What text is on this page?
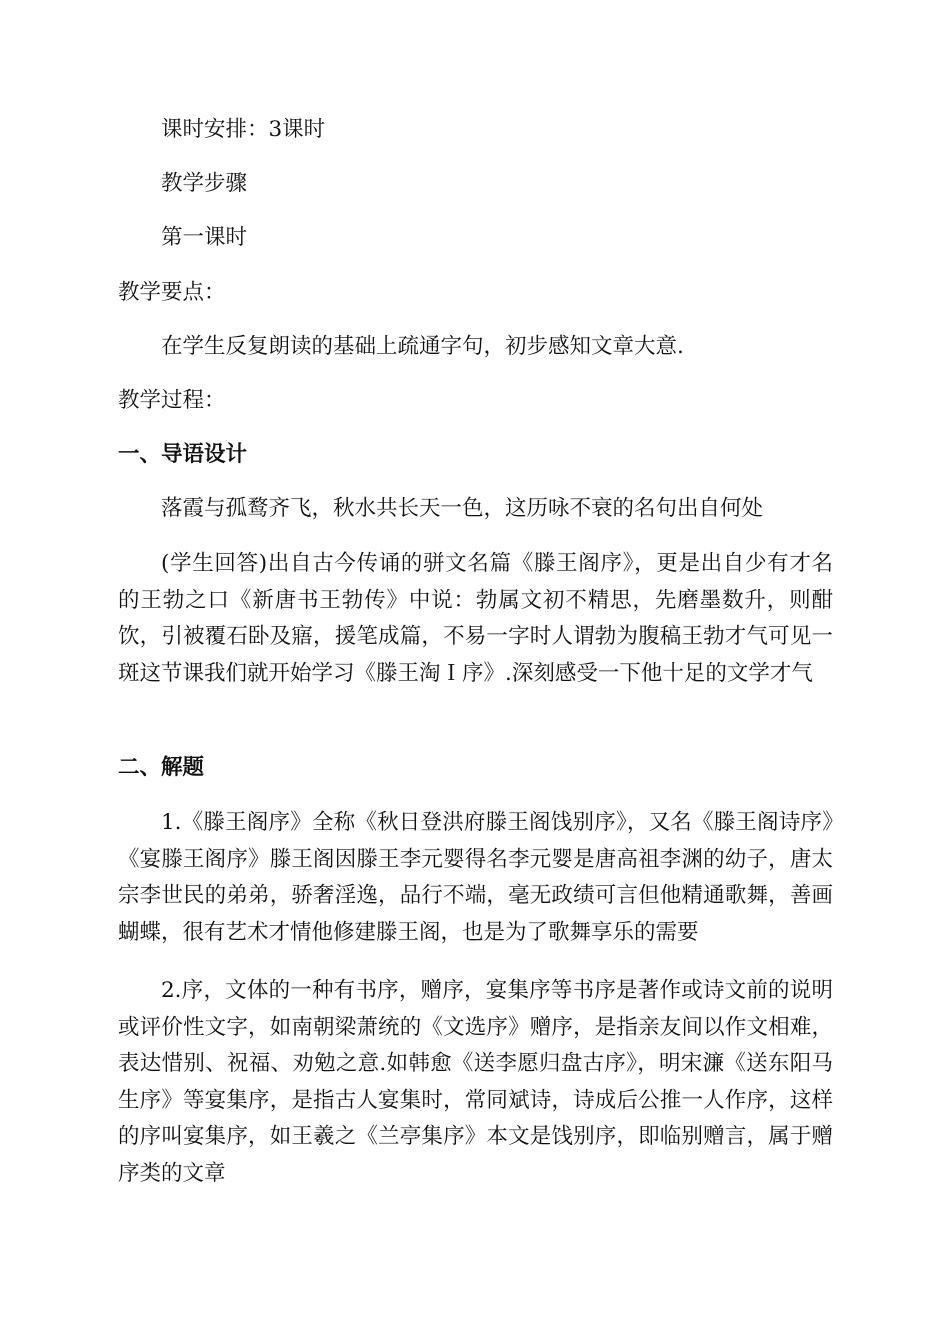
课时安排：3课时

教学步骤

第一课时

教学要点：

在学生反复朗读的基础上疏通字句，初步感知文章大意.

教学过程：

一、导语设计

落霞与孤鹜齐飞，秋水共长天一色，这历咏不衰的名句出自何处

(学生回答)出自古今传诵的骈文名篇《滕王阁序》，更是出自少有才名的王勃之口《新唐书王勃传》中说：勃属文初不精思，先磨墨数升，则酣饮，引被覆石卧及寤，援笔成篇，不易一字时人谓勃为腹稿王勃才气可见一斑这节课我们就开始学习《滕王淘Ｉ序》.深刻感受一下他十足的文学才气

二、解题

1.《滕王阁序》全称《秋日登洪府滕王阁饯别序》，又名《滕王阁诗序》《宴滕王阁序》滕王阁因滕王李元婴得名李元婴是唐高祖李渊的幼子，唐太宗李世民的弟弟，骄奢淫逸，品行不端，毫无政绩可言但他精通歌舞，善画蝴蝶，很有艺术才情他修建滕王阁，也是为了歌舞享乐的需要

2.序，文体的一种有书序，赠序，宴集序等书序是著作或诗文前的说明或评价性文字，如南朝梁萧统的《文选序》赠序，是指亲友间以作文相难，表达惜别、祝福、劝勉之意.如韩愈《送李愿归盘古序》，明宋濂《送东阳马生序》等宴集序，是指古人宴集时，常同斌诗，诗成后公推一人作序，这样的序叫宴集序，如王羲之《兰亭集序》本文是饯别序，即临别赠言，属于赠序类的文章
